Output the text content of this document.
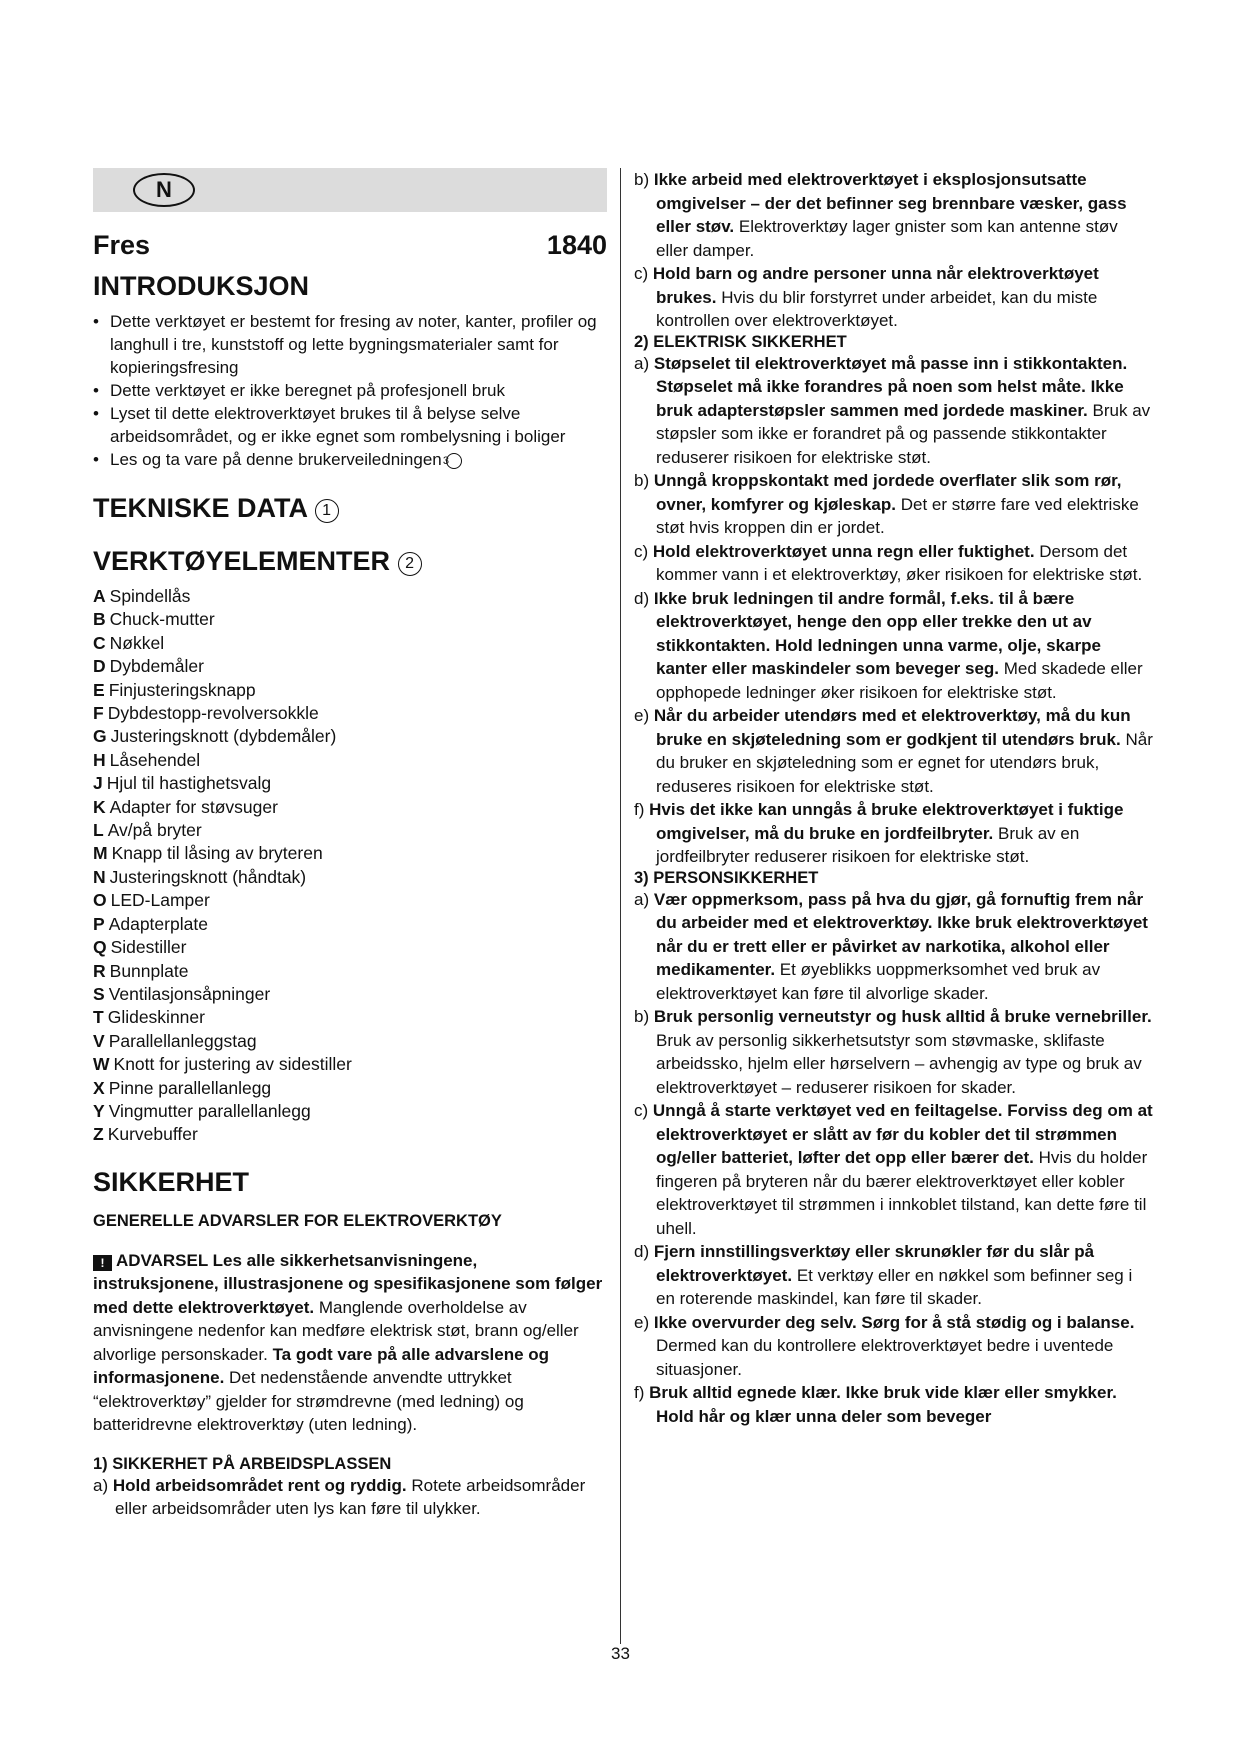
N
Fres	1840
INTRODUKSJON
• Dette verktøyet er bestemt for fresing av noter, kanter, profiler og langhull i tre, kunststoff og lette bygningsmaterialer samt for kopieringsfresing
• Dette verktøyet er ikke beregnet på profesjonell bruk
• Lyset til dette elektroverktøyet brukes til å belyse selve arbeidsområdet, og er ikke egnet som rombelysning i boliger
• Les og ta vare på denne brukerveiledningen 3
TEKNISKE DATA 1
VERKTØYELEMENTER 2
A Spindellås
B Chuck-mutter
C Nøkkel
D Dybdemåler
E Finjusteringsknapp
F Dybdestopp-revolversokkle
G Justeringsknott (dybdemåler)
H Låsehendel
J Hjul til hastighetsvalg
K Adapter for støvsuger
L Av/på bryter
M Knapp til låsing av bryteren
N Justeringsknott (håndtak)
O LED-Lamper
P Adapterplate
Q Sidestiller
R Bunnplate
S Ventilasjonsåpninger
T Glideskinner
V Parallellanleggstag
W Knott for justering av sidestiller
X Pinne parallellanlegg
Y Vingmutter parallellanlegg
Z Kurvebuffer
SIKKERHET

GENERELLE ADVARSLER FOR ELEKTROVERKTØY

! ADVARSEL Les alle sikkerhetsanvisningene, instruksjonene, illustrasjonene og spesifikasjonene som følger med dette elektroverktøyet. Manglende overholdelse av anvisningene nedenfor kan medføre elektrisk støt, brann og/eller alvorlige personskader. Ta godt vare på alle advarslene og informasjonene. Det nedenstående anvendte uttrykket “elektroverktøy” gjelder for strømdrevne (med ledning) og batteridrevne elektroverktøy (uten ledning).

1) SIKKERHET PÅ ARBEIDSPLASSEN

a) Hold arbeidsområdet rent og ryddig. Rotete arbeidsområder eller arbeidsområder uten lys kan føre til ulykker.

b) Ikke arbeid med elektroverktøyet i eksplosjonsutsatte omgivelser – der det befinner seg brennbare væsker, gass eller støv. Elektroverktøy lager gnister som kan antenne støv eller damper.

c) Hold barn og andre personer unna når elektroverktøyet brukes. Hvis du blir forstyrret under arbeidet, kan du miste kontrollen over elektroverktøyet.

2) ELEKTRISK SIKKERHET

a) Støpselet til elektroverktøyet må passe inn i stikkontakten. Støpselet må ikke forandres på noen som helst måte. Ikke bruk adapterstøpsler sammen med jordede maskiner. Bruk av støpsler som ikke er forandret på og passende stikkontakter reduserer risikoen for elektriske støt.

b) Unngå kroppskontakt med jordede overflater slik som rør, ovner, komfyrer og kjøleskap. Det er større fare ved elektriske støt hvis kroppen din er jordet.

c) Hold elektroverktøyet unna regn eller fuktighet. Dersom det kommer vann i et elektroverktøy, øker risikoen for elektriske støt.

d) Ikke bruk ledningen til andre formål, f.eks. til å bære elektroverktøyet, henge den opp eller trekke den ut av stikkontakten. Hold ledningen unna varme, olje, skarpe kanter eller maskindeler som beveger seg. Med skadede eller opphopede ledninger øker risikoen for elektriske støt.

e) Når du arbeider utendørs med et elektroverktøy, må du kun bruke en skjøteledning som er godkjent til utendørs bruk. Når du bruker en skjøteledning som er egnet for utendørs bruk, reduseres risikoen for elektriske støt.

f) Hvis det ikke kan unngås å bruke elektroverktøyet i fuktige omgivelser, må du bruke en jordfeilbryter. Bruk av en jordfeilbryter reduserer risikoen for elektriske støt.

3) PERSONSIKKERHET

a) Vær oppmerksom, pass på hva du gjør, gå fornuftig frem når du arbeider med et elektroverktøy. Ikke bruk elektroverktøyet når du er trett eller er påvirket av narkotika, alkohol eller medikamenter. Et øyeblikks uoppmerksomhet ved bruk av elektroverktøyet kan føre til alvorlige skader.

b) Bruk personlig verneutstyr og husk alltid å bruke vernebriller. Bruk av personlig sikkerhetsutstyr som støvmaske, sklifaste arbeidssko, hjelm eller hørselvern – avhengig av type og bruk av elektroverktøyet – reduserer risikoen for skader.

c) Unngå å starte verktøyet ved en feiltagelse. Forviss deg om at elektroverktøyet er slått av før du kobler det til strømmen og/eller batteriet, løfter det opp eller bærer det. Hvis du holder fingeren på bryteren når du bærer elektroverktøyet eller kobler elektroverktøyet til strømmen i innkoblet tilstand, kan dette føre til uhell.

d) Fjern innstillingsverktøy eller skrunøkler før du slår på elektroverktøyet. Et verktøy eller en nøkkel som befinner seg i en roterende maskindel, kan føre til skader.

e) Ikke overvurder deg selv. Sørg for å stå stødig og i balanse. Dermed kan du kontrollere elektroverktøyet bedre i uventede situasjoner.

f) Bruk alltid egnede klær. Ikke bruk vide klær eller smykker. Hold hår og klær unna deler som beveger

33
